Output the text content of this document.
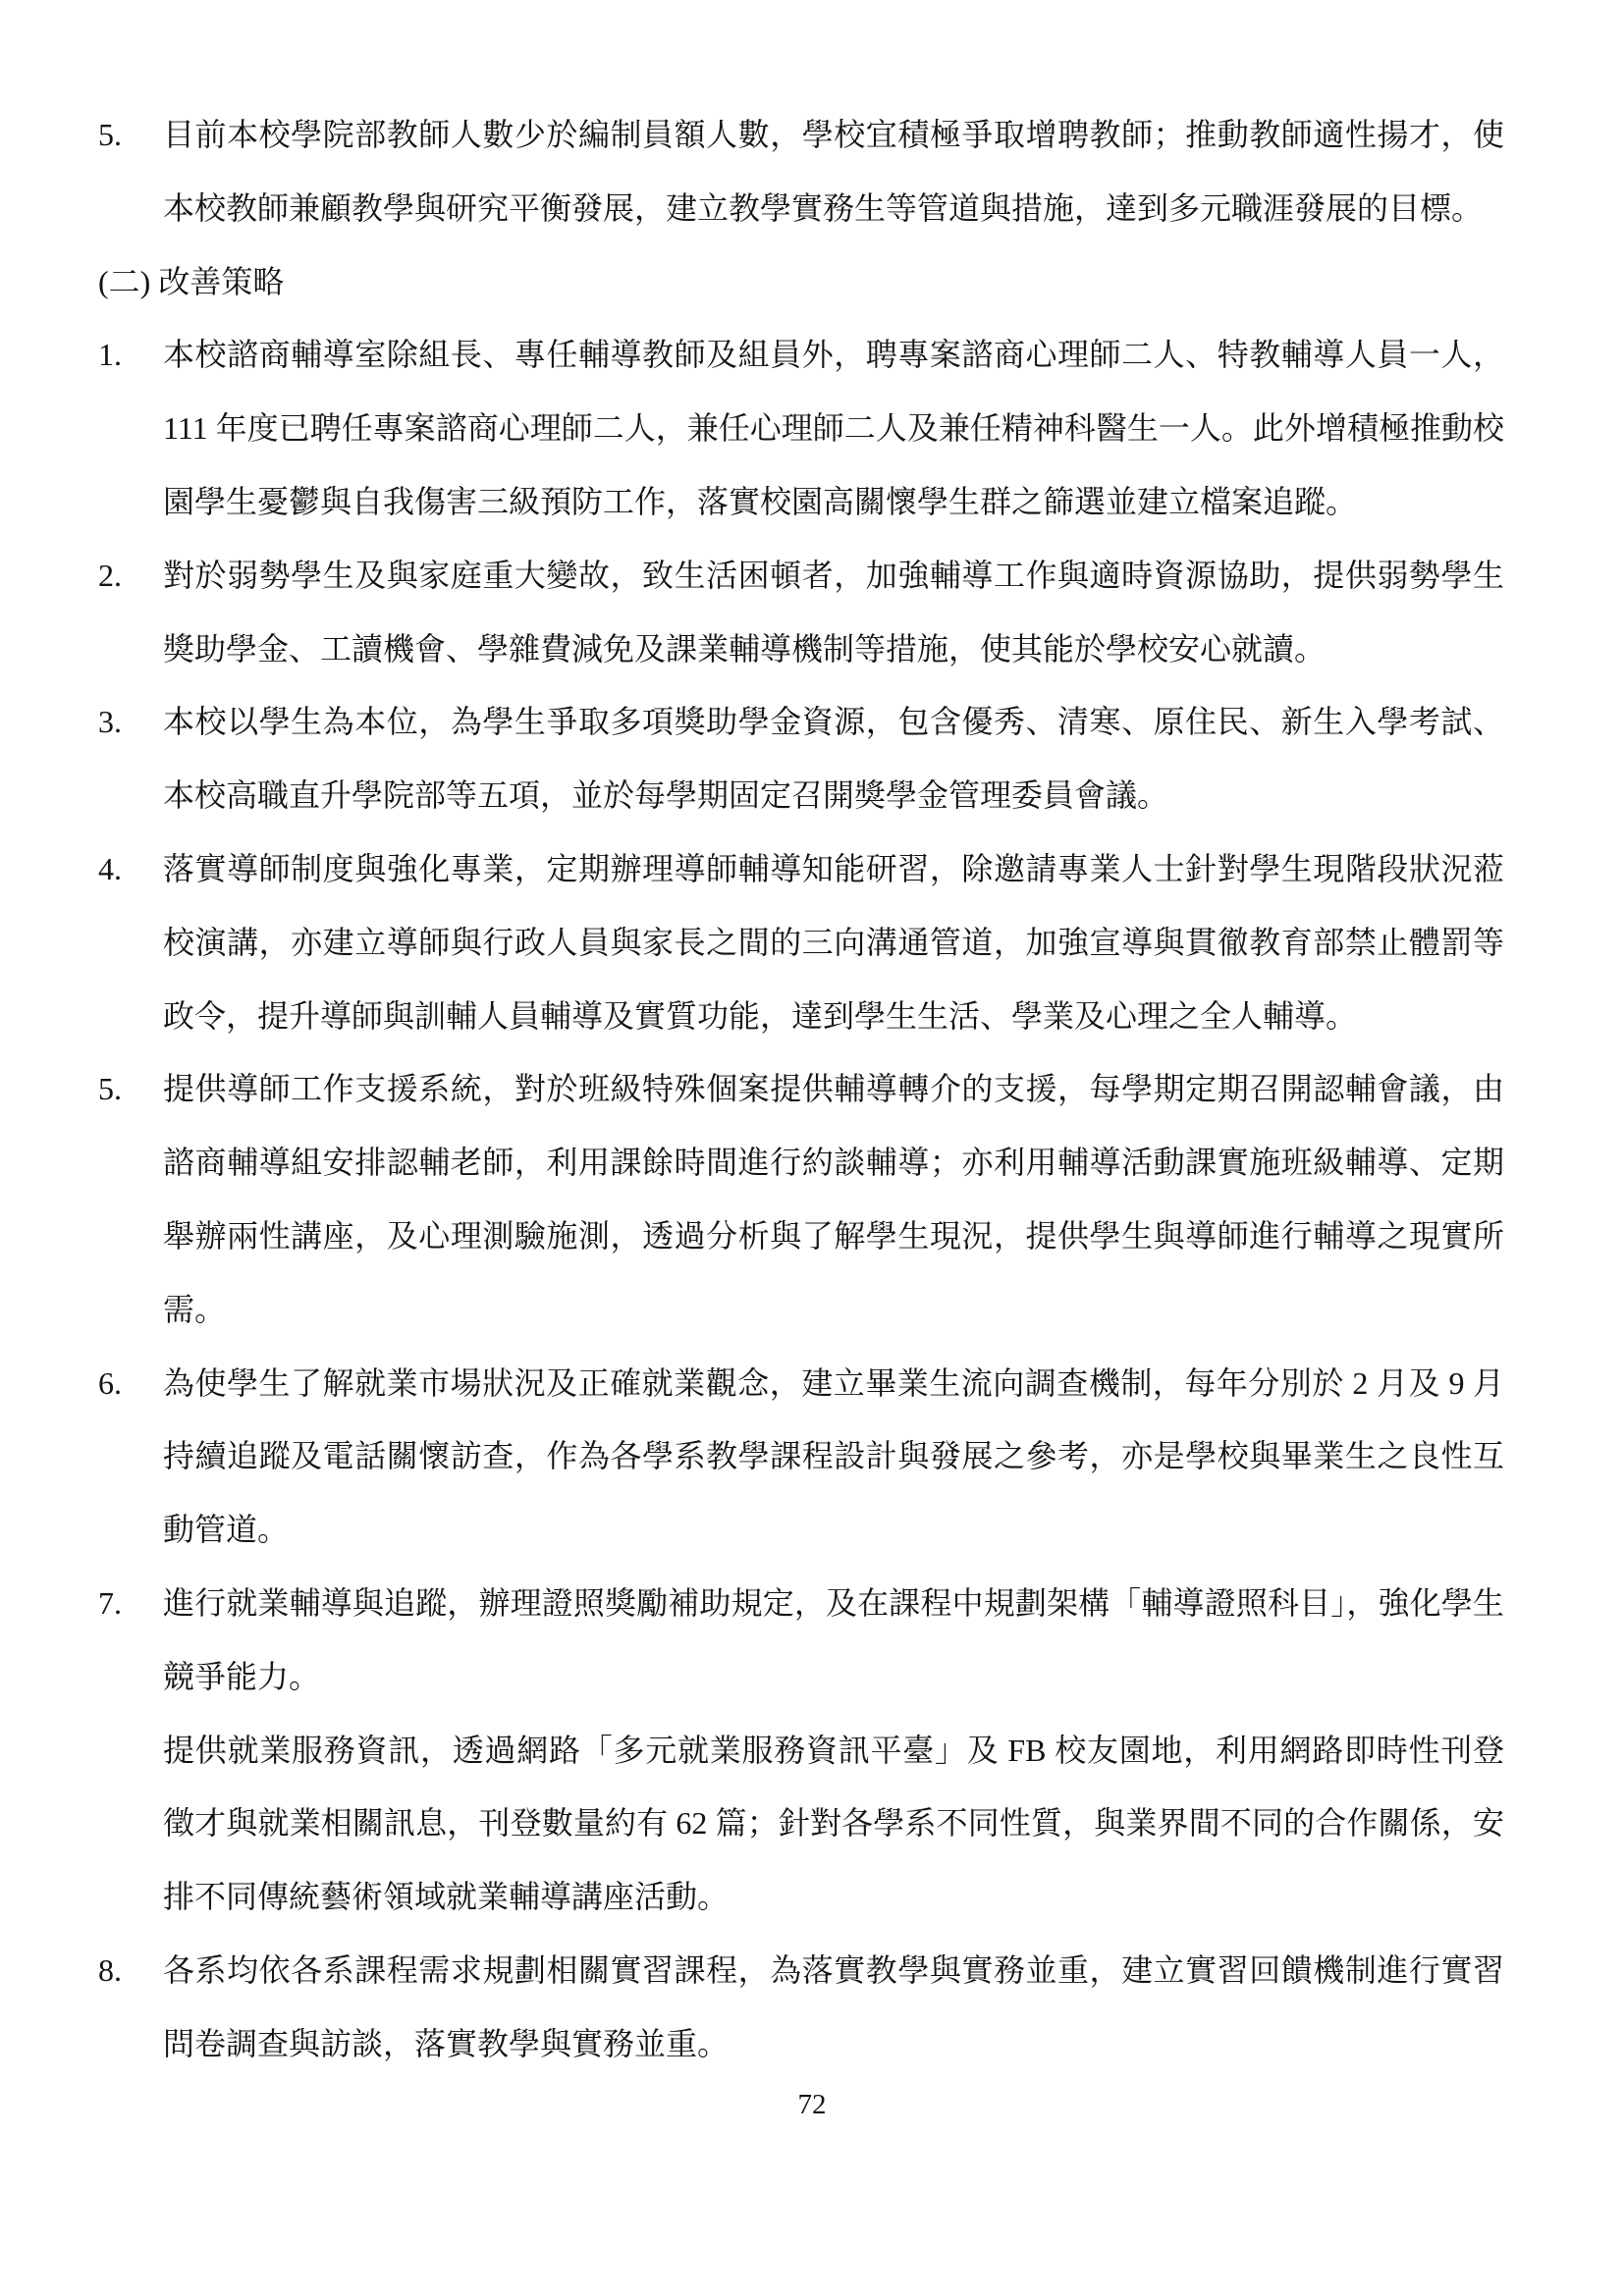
5.	目前本校學院部教師人數少於編制員額人數，學校宜積極爭取增聘教師；推動教師適性揚才，使本校教師兼顧教學與研究平衡發展，建立教學實務生等管道與措施，達到多元職涯發展的目標。

(二) 改善策略
1.	本校諮商輔導室除組長、專任輔導教師及組員外，聘專案諮商心理師二人、特教輔導人員一人，111 年度已聘任專案諮商心理師二人，兼任心理師二人及兼任精神科醫生一人。此外增積極推動校園學生憂鬱與自我傷害三級預防工作，落實校園高關懷學生群之篩選並建立檔案追蹤。

2.	對於弱勢學生及與家庭重大變故，致生活困頓者，加強輔導工作與適時資源協助，提供弱勢學生獎助學金、工讀機會、學雜費減免及課業輔導機制等措施，使其能於學校安心就讀。

3.	本校以學生為本位，為學生爭取多項獎助學金資源，包含優秀、清寒、原住民、新生入學考試、本校高職直升學院部等五項，並於每學期固定召開獎學金管理委員會議。

4.	落實導師制度與強化專業，定期辦理導師輔導知能研習，除邀請專業人士針對學生現階段狀況蒞校演講，亦建立導師與行政人員與家長之間的三向溝通管道，加強宣導與貫徹教育部禁止體罰等政令，提升導師與訓輔人員輔導及實質功能，達到學生生活、學業及心理之全人輔導。

5.	提供導師工作支援系統，對於班級特殊個案提供輔導轉介的支援，每學期定期召開認輔會議，由諮商輔導組安排認輔老師，利用課餘時間進行約談輔導；亦利用輔導活動課實施班級輔導、定期舉辦兩性講座，及心理測驗施測，透過分析與了解學生現況，提供學生與導師進行輔導之現實所需。

6.	為使學生了解就業市場狀況及正確就業觀念，建立畢業生流向調查機制，每年分別於 2 月及 9 月持續追蹤及電話關懷訪查，作為各學系教學課程設計與發展之參考，亦是學校與畢業生之良性互動管道。

7.	進行就業輔導與追蹤，辦理證照獎勵補助規定，及在課程中規劃架構「輔導證照科目」，強化學生競爭能力。

提供就業服務資訊，透過網路「多元就業服務資訊平臺」及 FB 校友園地，利用網路即時性刊登徵才與就業相關訊息，刊登數量約有 62 篇；針對各學系不同性質，與業界間不同的合作關係，安排不同傳統藝術領域就業輔導講座活動。

8.	各系均依各系課程需求規劃相關實習課程，為落實教學與實務並重，建立實習回饋機制進行實習問卷調查與訪談，落實教學與實務並重。

72
